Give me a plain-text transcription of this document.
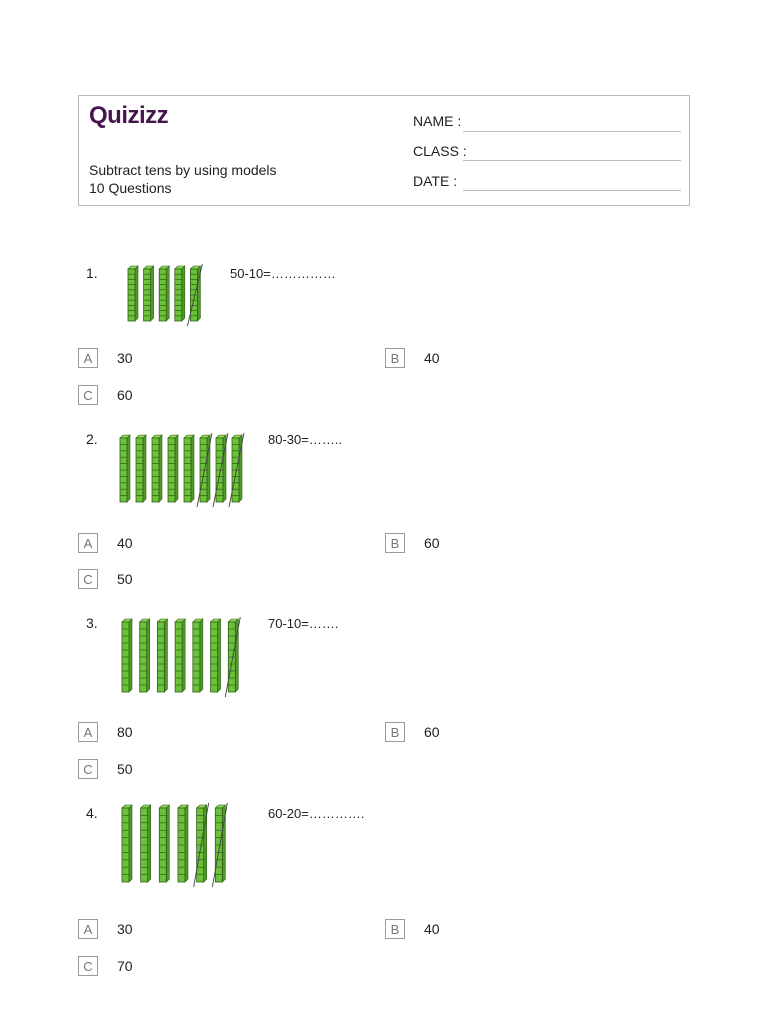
Quizizz
Subtract tens by using models
10 Questions
NAME :
CLASS :
DATE :
1.	50-10=……………
A	30	B	40
C	60
2.	80-30=……..
A	40	B	60
C	50
3.	70-10=…….
A	80	B	60
C	50
4.	60-20=………….
A	30	B	40
C	70
